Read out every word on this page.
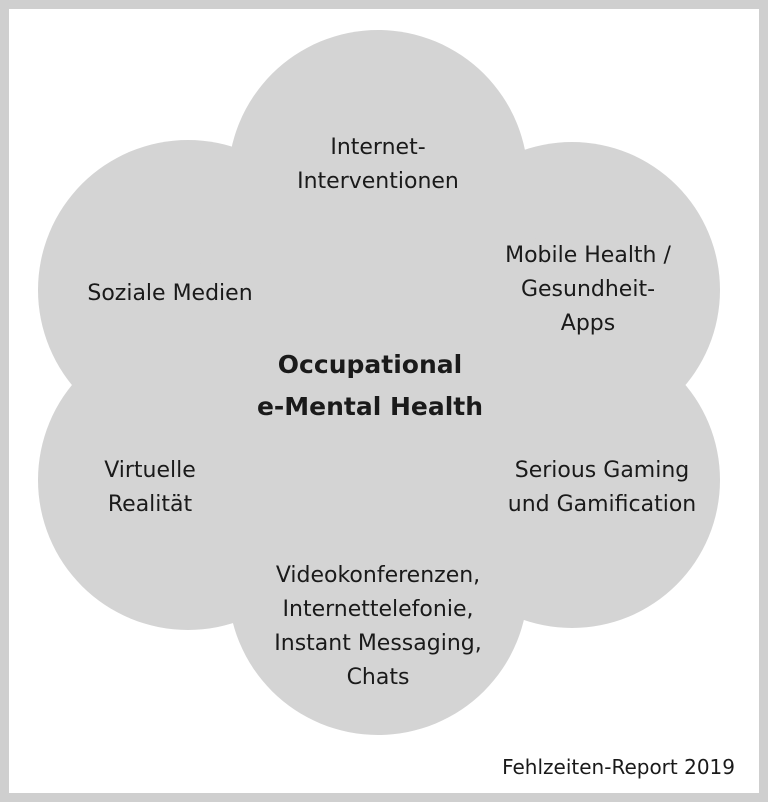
Internet-
Interventionen
Mobile Health /
Gesundheit-
Apps
Serious Gaming
und Gamification
Videokonferenzen,
Internettelefonie,
Instant Messaging,
Chats
Virtuelle
Realität
Soziale Medien
Occupational
e-Mental Health
Fehlzeiten-Report 2019
